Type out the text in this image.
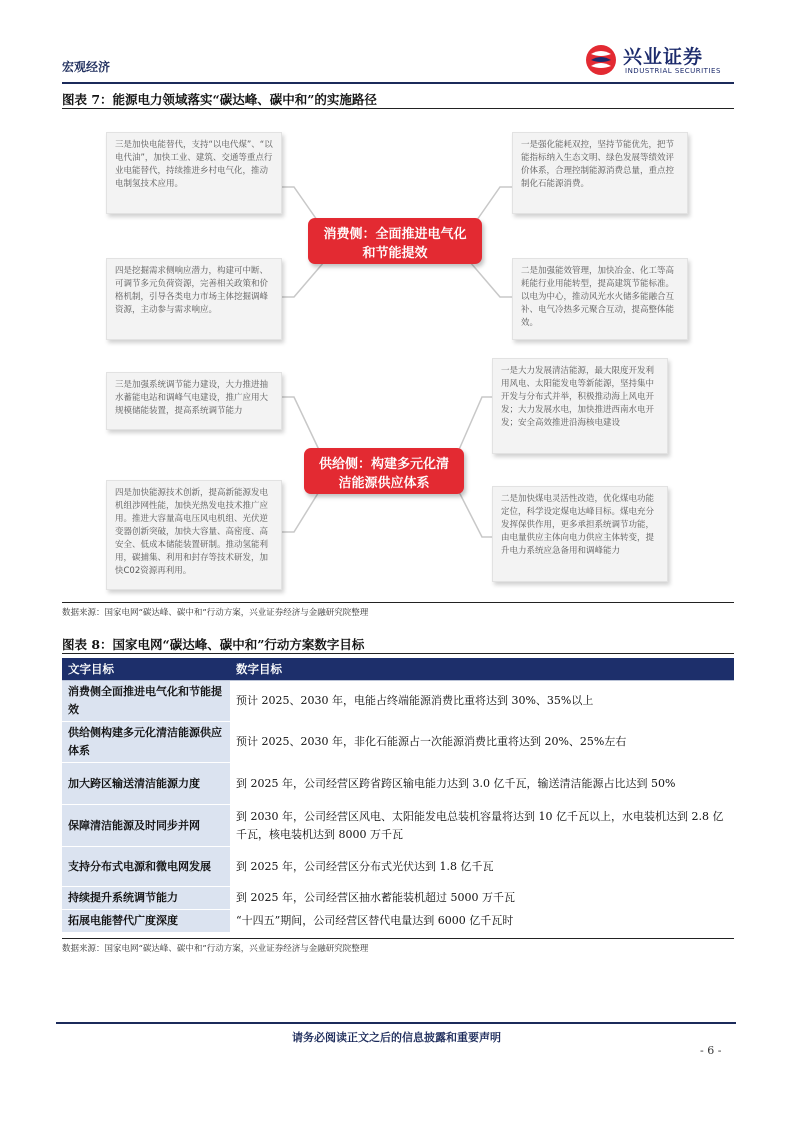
宏观经济	兴业证券
INDUSTRIAL SECURITIES
图表 7：能源电力领域落实“碳达峰、碳中和”的实施路径
三是加快电能替代，支持“以电代煤”、“以电代油”，加快工业、建筑、交通等重点行业电能替代，持续推进乡村电气化，推动电制氢技术应用。
一是强化能耗双控，坚持节能优先，把节能指标纳入生态文明、绿色发展等绩效评价体系，合理控制能源消费总量，重点控制化石能源消费。
消费侧：全面推进电气化和节能提效
四是挖掘需求侧响应潜力，构建可中断、可调节多元负荷资源，完善相关政策和价格机制，引导各类电力市场主体挖掘调峰资源，主动参与需求响应。
二是加强能效管理，加快冶金、化工等高耗能行业用能转型，提高建筑节能标准。以电为中心，推动风光水火储多能融合互补、电气冷热多元聚合互动，提高整体能效。
三是加强系统调节能力建设，大力推进抽水蓄能电站和调峰气电建设，推广应用大规模储能装置，提高系统调节能力
一是大力发展清洁能源，最大限度开发利用风电、太阳能发电等新能源，坚持集中开发与分布式并举，积极推动海上风电开发；大力发展水电，加快推进西南水电开发；安全高效推进沿海核电建设
供给侧：构建多元化清洁能源供应体系
四是加快能源技术创新，提高新能源发电机组涉网性能，加快光热发电技术推广应用。推进大容量高电压风电机组、光伏逆变器创新突破，加快大容量、高密度、高安全、低成本储能装置研制。推动氢能利用，碳捕集、利用和封存等技术研发，加快C02资源再利用。
二是加快煤电灵活性改造，优化煤电功能定位，科学设定煤电达峰目标。煤电充分发挥保供作用，更多承担系统调节功能，由电量供应主体向电力供应主体转变，提升电力系统应急备用和调峰能力
数据来源：国家电网“碳达峰、碳中和”行动方案，兴业证券经济与金融研究院整理
图表 8：国家电网“碳达峰、碳中和”行动方案数字目标
文字目标	数字目标
消费侧全面推进电气化和节能提效	预计 2025、2030 年，电能占终端能源消费比重将达到 30%、35%以上
供给侧构建多元化清洁能源供应体系	预计 2025、2030 年，非化石能源占一次能源消费比重将达到 20%、25%左右
加大跨区输送清洁能源力度	到 2025 年，公司经营区跨省跨区输电能力达到 3.0 亿千瓦，输送清洁能源占比达到 50%
保障清洁能源及时同步并网	到 2030 年，公司经营区风电、太阳能发电总装机容量将达到 10 亿千瓦以上，水电装机达到 2.8 亿千瓦，核电装机达到 8000 万千瓦
支持分布式电源和微电网发展	到 2025 年，公司经营区分布式光伏达到 1.8 亿千瓦
持续提升系统调节能力	到 2025 年，公司经营区抽水蓄能装机超过 5000 万千瓦
拓展电能替代广度深度	“十四五”期间，公司经营区替代电量达到 6000 亿千瓦时
数据来源：国家电网“碳达峰、碳中和”行动方案，兴业证券经济与金融研究院整理
请务必阅读正文之后的信息披露和重要声明
- 6 -
